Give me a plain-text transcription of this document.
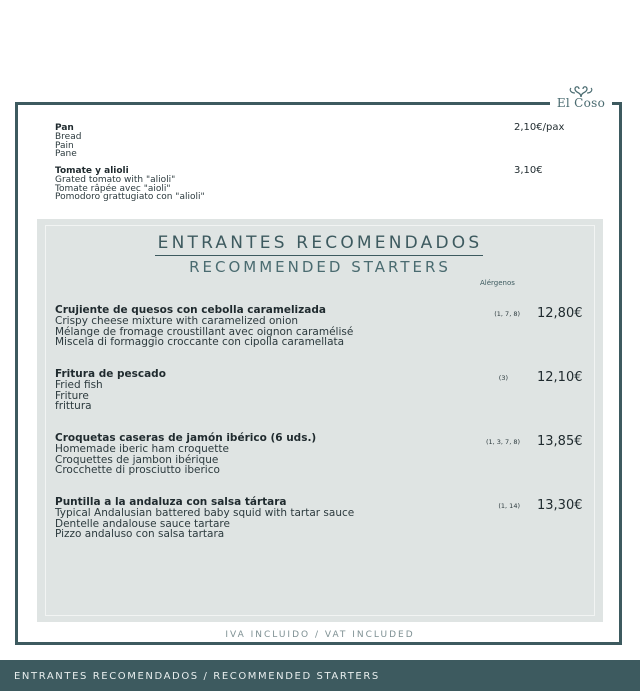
El Coso
Pan
Bread
Pain
Pane
2,10€/pax
Tomate y alioli
Grated tomato with "alioli"
Tomate râpée avec "aioli"
Pomodoro grattugiato con "alioli"
3,10€
ENTRANTES RECOMENDADOS
RECOMMENDED STARTERS
Alérgenos
Crujiente de quesos con cebolla caramelizada
Crispy cheese mixture with caramelized onion
Mélange de fromage croustillant avec oignon caramélisé
Miscela di formaggio croccante con cipolla caramellata
(1, 7, 8) 12,80€
Fritura de pescado
Fried fish
Friture
frittura
(3) 12,10€
Croquetas caseras de jamón ibérico (6 uds.)
Homemade iberic ham croquette
Croquettes de jambon ibérique
Crocchette di prosciutto iberico
(1, 3, 7, 8) 13,85€
Puntilla a la andaluza con salsa tártara
Typical Andalusian battered baby squid with tartar sauce
Dentelle andalouse sauce tartare
Pizzo andaluso con salsa tartara
(1, 14) 13,30€
IVA INCLUIDO / VAT INCLUDED
ENTRANTES RECOMENDADOS / RECOMMENDED STARTERS
